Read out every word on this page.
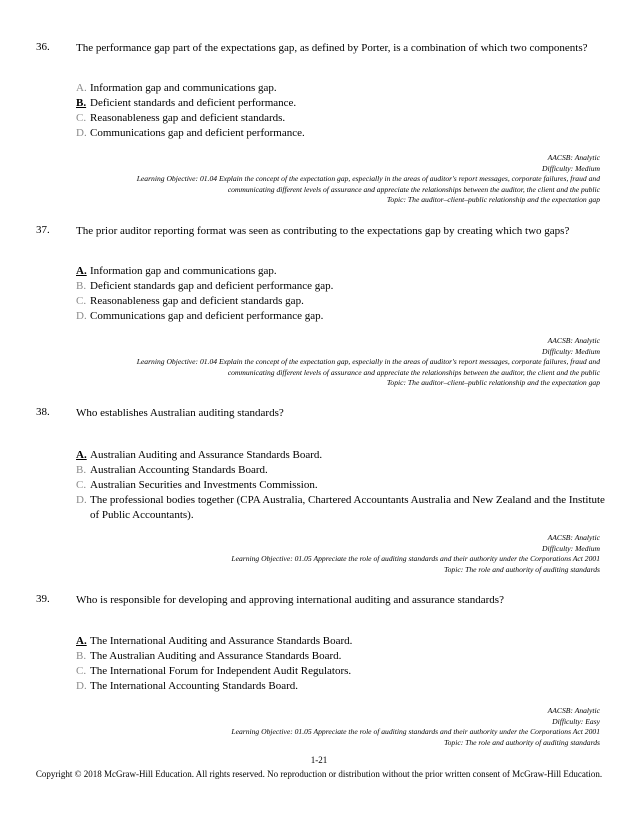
36. The performance gap part of the expectations gap, as defined by Porter, is a combination of which two components?
A. Information gap and communications gap.
B. Deficient standards and deficient performance.
C. Reasonableness gap and deficient standards.
D. Communications gap and deficient performance.
AACSB: Analytic
Difficulty: Medium
Learning Objective: 01.04 Explain the concept of the expectation gap, especially in the areas of auditor's report messages, corporate failures, fraud and
communicating different levels of assurance and appreciate the relationships between the auditor, the client and the public
Topic: The auditor–client–public relationship and the expectation gap
37. The prior auditor reporting format was seen as contributing to the expectations gap by creating which two gaps?
A. Information gap and communications gap.
B. Deficient standards gap and deficient performance gap.
C. Reasonableness gap and deficient standards gap.
D. Communications gap and deficient performance gap.
AACSB: Analytic
Difficulty: Medium
Learning Objective: 01.04 Explain the concept of the expectation gap, especially in the areas of auditor's report messages, corporate failures, fraud and
communicating different levels of assurance and appreciate the relationships between the auditor, the client and the public
Topic: The auditor–client–public relationship and the expectation gap
38. Who establishes Australian auditing standards?
A. Australian Auditing and Assurance Standards Board.
B. Australian Accounting Standards Board.
C. Australian Securities and Investments Commission.
D. The professional bodies together (CPA Australia, Chartered Accountants Australia and New Zealand and the Institute of Public Accountants).
AACSB: Analytic
Difficulty: Medium
Learning Objective: 01.05 Appreciate the role of auditing standards and their authority under the Corporations Act 2001
Topic: The role and authority of auditing standards
39. Who is responsible for developing and approving international auditing and assurance standards?
A. The International Auditing and Assurance Standards Board.
B. The Australian Auditing and Assurance Standards Board.
C. The International Forum for Independent Audit Regulators.
D. The International Accounting Standards Board.
AACSB: Analytic
Difficulty: Easy
Learning Objective: 01.05 Appreciate the role of auditing standards and their authority under the Corporations Act 2001
Topic: The role and authority of auditing standards
1-21
Copyright © 2018 McGraw-Hill Education. All rights reserved. No reproduction or distribution without the prior written consent of McGraw-Hill Education.
